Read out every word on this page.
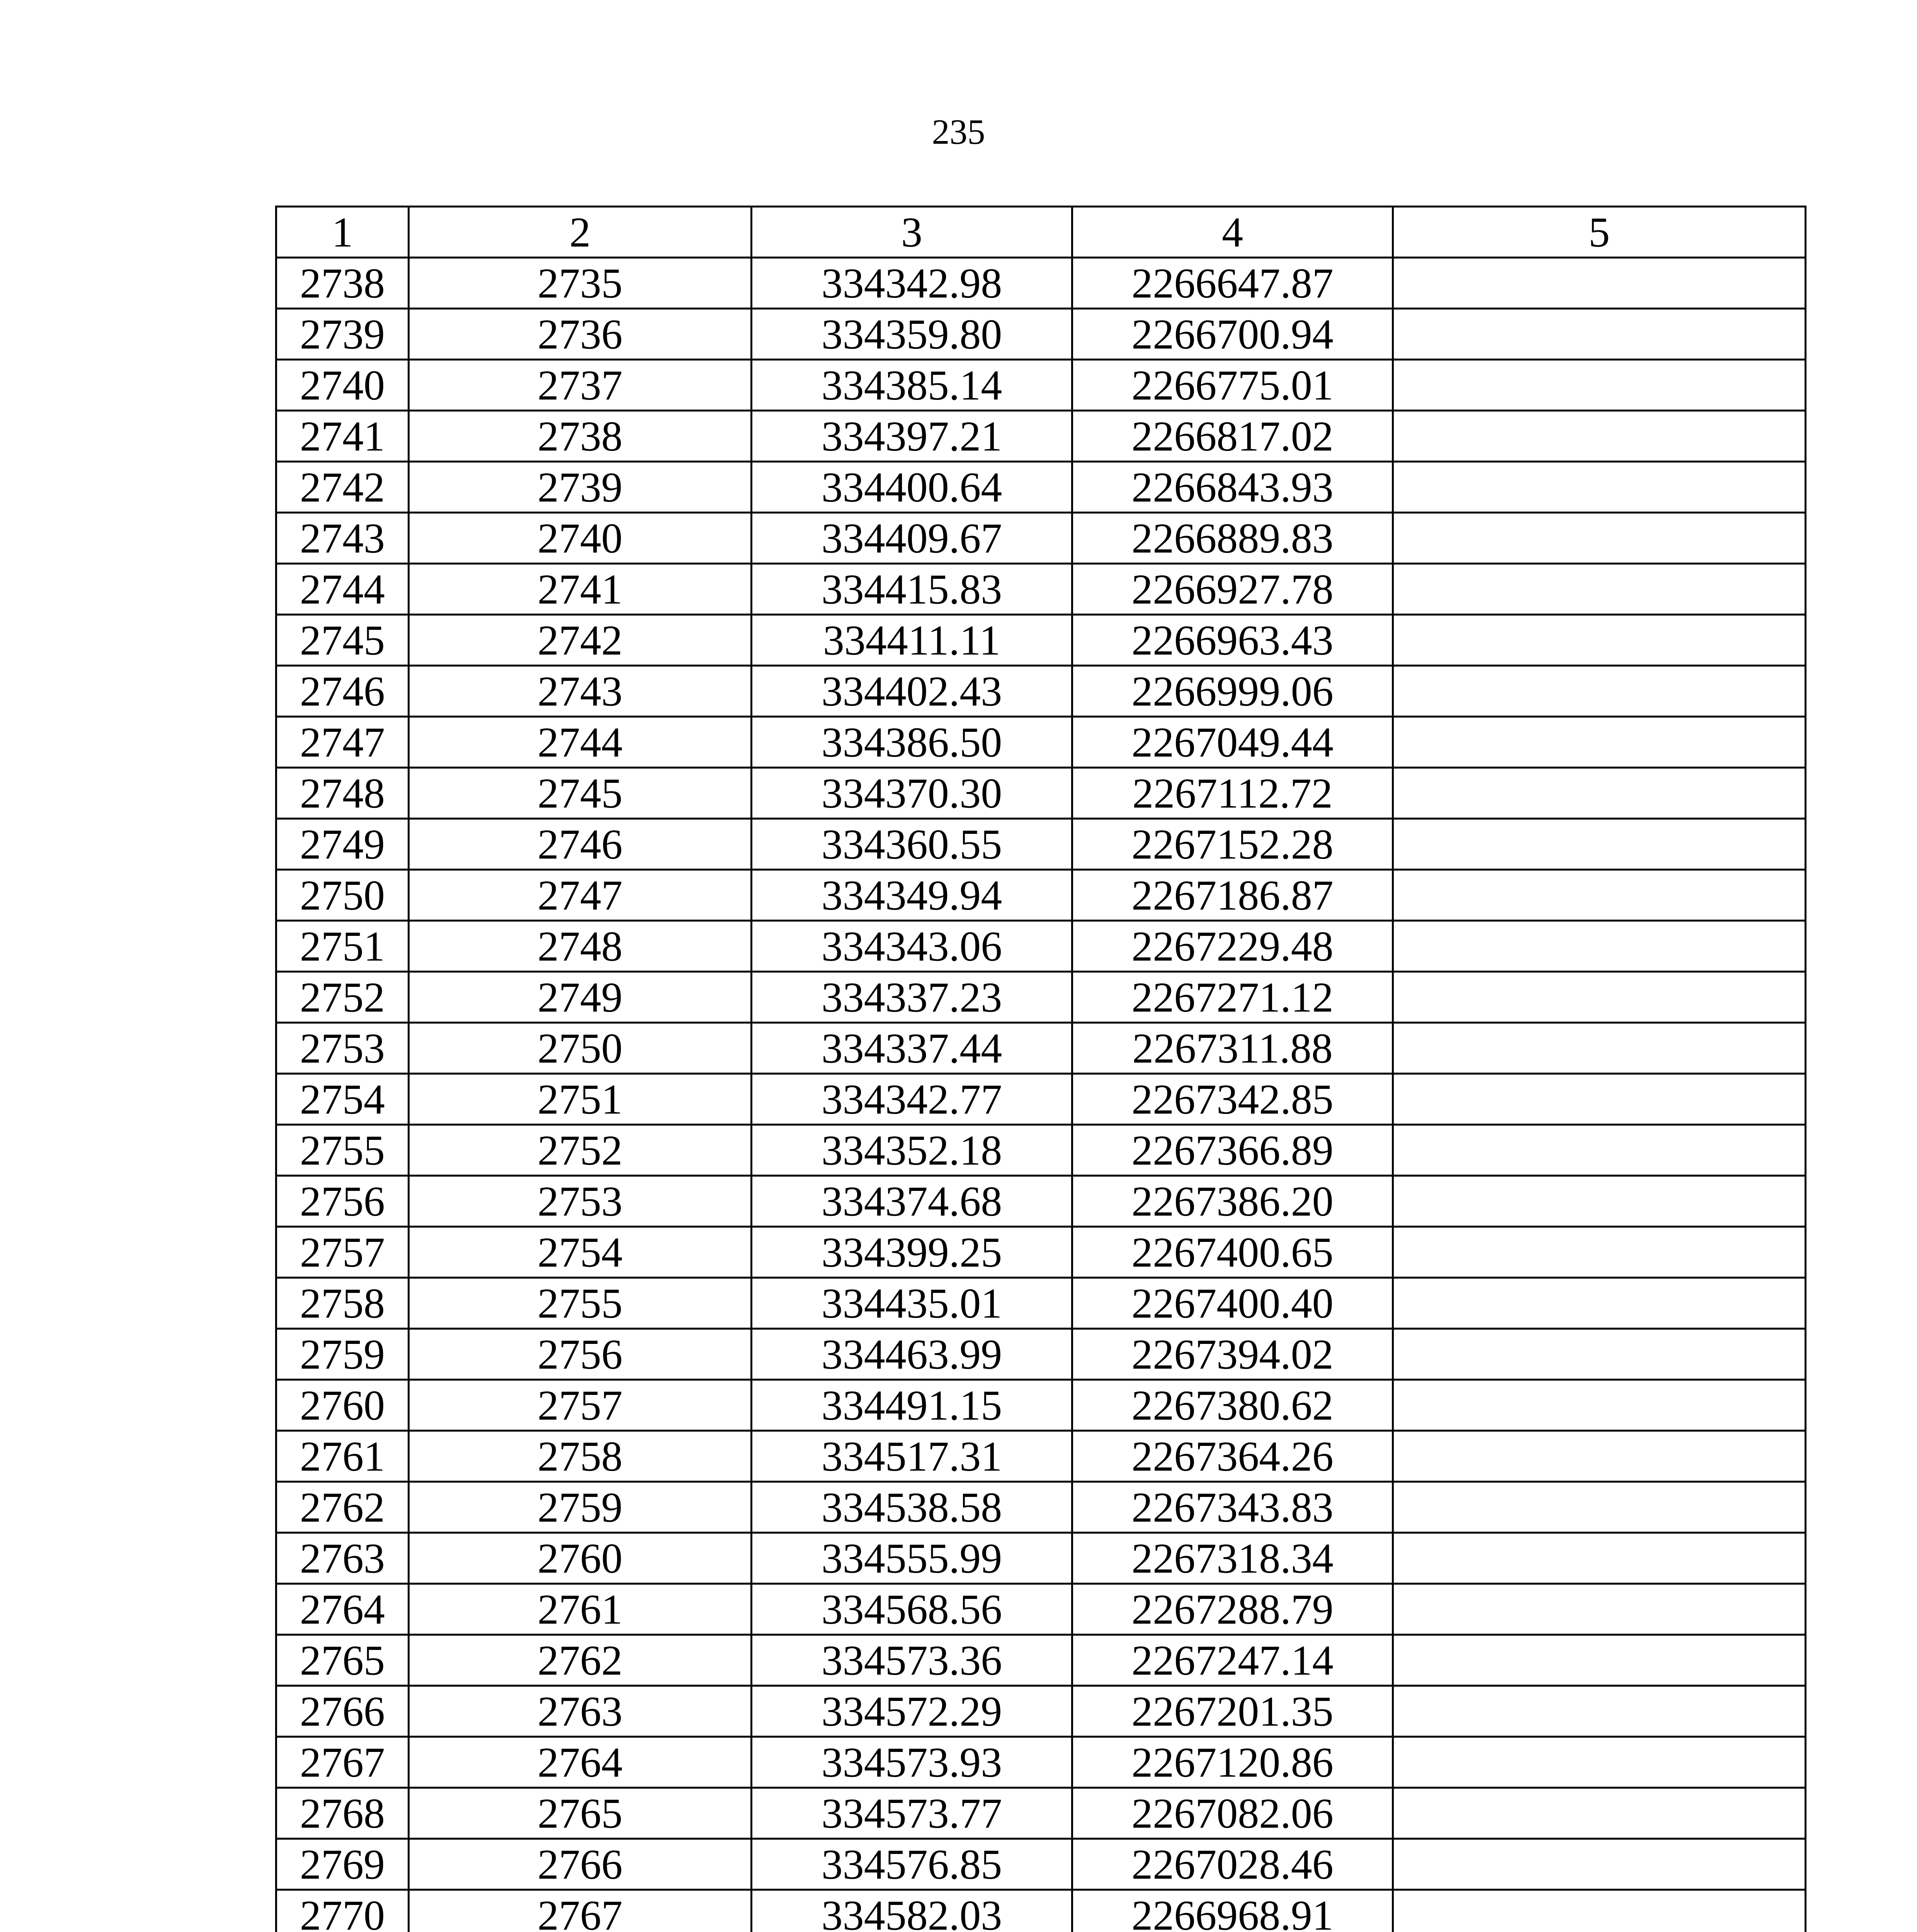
235
1	2	3	4	5
2738	2735	334342.98	2266647.87	
2739	2736	334359.80	2266700.94	
2740	2737	334385.14	2266775.01	
2741	2738	334397.21	2266817.02	
2742	2739	334400.64	2266843.93	
2743	2740	334409.67	2266889.83	
2744	2741	334415.83	2266927.78	
2745	2742	334411.11	2266963.43	
2746	2743	334402.43	2266999.06	
2747	2744	334386.50	2267049.44	
2748	2745	334370.30	2267112.72	
2749	2746	334360.55	2267152.28	
2750	2747	334349.94	2267186.87	
2751	2748	334343.06	2267229.48	
2752	2749	334337.23	2267271.12	
2753	2750	334337.44	2267311.88	
2754	2751	334342.77	2267342.85	
2755	2752	334352.18	2267366.89	
2756	2753	334374.68	2267386.20	
2757	2754	334399.25	2267400.65	
2758	2755	334435.01	2267400.40	
2759	2756	334463.99	2267394.02	
2760	2757	334491.15	2267380.62	
2761	2758	334517.31	2267364.26	
2762	2759	334538.58	2267343.83	
2763	2760	334555.99	2267318.34	
2764	2761	334568.56	2267288.79	
2765	2762	334573.36	2267247.14	
2766	2763	334572.29	2267201.35	
2767	2764	334573.93	2267120.86	
2768	2765	334573.77	2267082.06	
2769	2766	334576.85	2267028.46	
2770	2767	334582.03	2266968.91	
